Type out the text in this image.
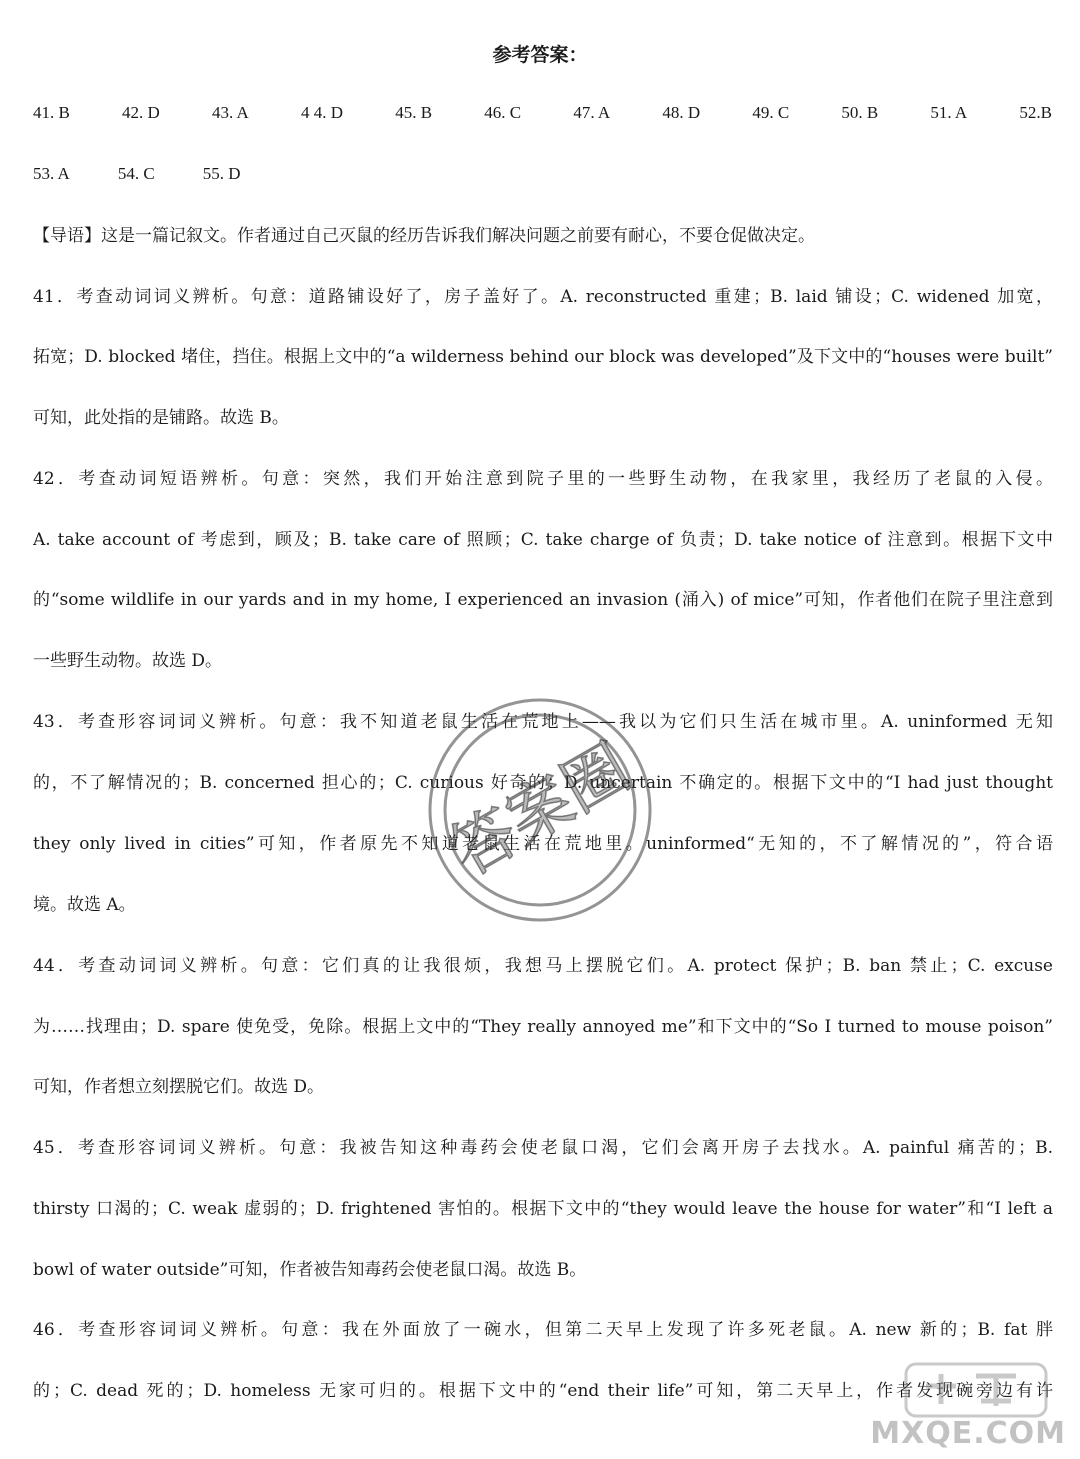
参考答案：
41. B	42. D	43. A	4 4. D	45. B	46. C	47. A	48. D	49. C	50. B	51. A	52.B
53. A	54. C	55. D
【导语】这是一篇记叙文。作者通过自己灭鼠的经历告诉我们解决问题之前要有耐心，不要仓促做决定。
41．考查动词词义辨析。句意：道路铺设好了，房子盖好了。A. reconstructed 重建；B. laid 铺设；C. widened 加宽，
拓宽；D. blocked 堵住，挡住。根据上文中的“a wilderness behind our block was developed”及下文中的“houses were built”
可知，此处指的是铺路。故选 B。
42．考查动词短语辨析。句意：突然，我们开始注意到院子里的一些野生动物，在我家里，我经历了老鼠的入侵。
A. take account of 考虑到，顾及；B. take care of 照顾；C. take charge of 负责；D. take notice of 注意到。根据下文中
的“some wildlife in our yards and in my home, I experienced an invasion (涌入) of mice”可知，作者他们在院子里注意到
一些野生动物。故选 D。
43．考查形容词词义辨析。句意：我不知道老鼠生活在荒地上——我以为它们只生活在城市里。A. uninformed 无知
的，不了解情况的；B. concerned 担心的；C. curious 好奇的；D. uncertain 不确定的。根据下文中的“I had just thought
they only lived in cities”可知，作者原先不知道老鼠生活在荒地里。uninformed“无知的，不了解情况的”，符合语
境。故选 A。
44．考查动词词义辨析。句意：它们真的让我很烦，我想马上摆脱它们。A. protect 保护；B. ban 禁止；C. excuse
为……找理由；D. spare 使免受，免除。根据上文中的“They really annoyed me”和下文中的“So I turned to mouse poison”
可知，作者想立刻摆脱它们。故选 D。
45．考查形容词词义辨析。句意：我被告知这种毒药会使老鼠口渴，它们会离开房子去找水。A. painful 痛苦的；B.
thirsty 口渴的；C. weak 虚弱的；D. frightened 害怕的。根据下文中的“they would leave the house for water”和“I left a
bowl of water outside”可知，作者被告知毒药会使老鼠口渴。故选 B。
46．考查形容词词义辨析。句意：我在外面放了一碗水，但第二天早上发现了许多死老鼠。A. new 新的；B. fat 胖
的；C. dead 死的；D. homeless 无家可归的。根据下文中的“end their life”可知，第二天早上，作者发现碗旁边有许
答案圈
MXQE.COM
